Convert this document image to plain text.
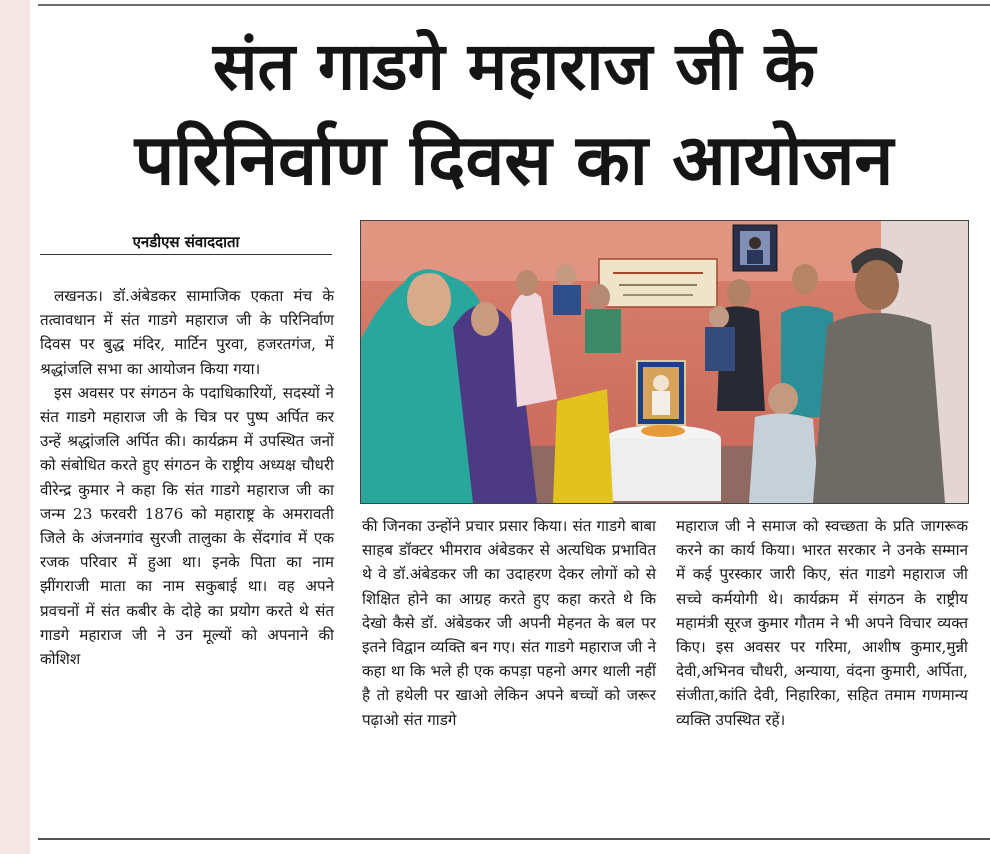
संत गाडगे महाराज जी के
परिनिर्वाण दिवस का आयोजन
एनडीएस संवाददाता

लखनऊ। डॉ.अंबेडकर सामाजिक एकता मंच के तत्वावधान में संत गाडगे महाराज जी के परिनिर्वाण दिवस पर बुद्ध मंदिर, मार्टिन पुरवा, हजरतगंज, में श्रद्धांजलि सभा का आयोजन किया गया।

इस अवसर पर संगठन के पदाधिकारियों, सदस्यों ने संत गाडगे महाराज जी के चित्र पर पुष्प अर्पित कर उन्हें श्रद्धांजलि अर्पित की। कार्यक्रम में उपस्थित जनों को संबोधित करते हुए संगठन के राष्ट्रीय अध्यक्ष चौधरी वीरेन्द्र कुमार ने कहा कि संत गाडगे महाराज जी का जन्म 23 फरवरी 1876 को महाराष्ट्र के अमरावती जिले के अंजनगांव सुरजी तालुका के सेंदगांव में एक रजक परिवार में हुआ था। इनके पिता का नाम झींगराजी माता का नाम सकुबाई था। वह अपने प्रवचनों में संत कबीर के दोहे का प्रयोग करते थे संत गाडगे महाराज जी ने उन मूल्यों को अपनाने की कोशिश

की जिनका उन्होंने प्रचार प्रसार किया। संत गाडगे बाबा साहब डॉक्टर भीमराव अंबेडकर से अत्यधिक प्रभावित थे वे डॉ.अंबेडकर जी का उदाहरण देकर लोगों को से शिक्षित होने का आग्रह करते हुए कहा करते थे कि देखो कैसे डॉ. अंबेडकर जी अपनी मेहनत के बल पर इतने विद्वान व्यक्ति बन गए। संत गाडगे महाराज जी ने कहा था कि भले ही एक कपड़ा पहनो अगर थाली नहीं है तो हथेली पर खाओ लेकिन अपने बच्चों को जरूर पढ़ाओ संत गाडगे
महाराज जी ने समाज को स्वच्छता के प्रति जागरूक करने का कार्य किया। भारत सरकार ने उनके सम्मान में कई पुरस्कार जारी किए, संत गाडगे महाराज जी सच्चे कर्मयोगी थे। कार्यक्रम में संगठन के राष्ट्रीय महामंत्री सूरज कुमार गौतम ने भी अपने विचार व्यक्त किए। इस अवसर पर गरिमा, आशीष कुमार,मुन्नी देवी,अभिनव चौधरी, अन्याया, वंदना कुमारी, अर्पिता, संजीता,कांति देवी, निहारिका, सहित तमाम गणमान्य व्यक्ति उपस्थित रहें।
